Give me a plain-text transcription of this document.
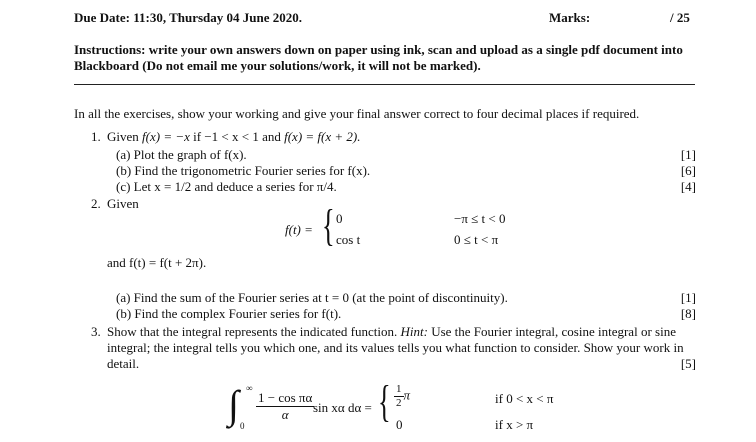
Due Date: 11:30, Thursday 04 June 2020.	Marks:	/ 25
Instructions: write your own answers down on paper using ink, scan and upload as a single pdf document into
Blackboard (Do not email me your solutions/work, it will not be marked).
In all the exercises, show your working and give your final answer correct to four decimal places if required.
1. Given f(x) = −x if −1 < x < 1 and f(x) = f(x + 2).
(a) Plot the graph of f(x).	[1]
(b) Find the trigonometric Fourier series for f(x).	[6]
(c) Let x = 1/2 and deduce a series for π/4.	[4]
2. Given
f(t) = { 0	−π ≤ t < 0
cos t	0 ≤ t < π
and f(t) = f(t + 2π).
(a) Find the sum of the Fourier series at t = 0 (at the point of discontinuity).	[1]
(b) Find the complex Fourier series for f(t).	[8]
3. Show that the integral represents the indicated function. Hint: Use the Fourier integral, cosine integral or sine
integral; the integral tells you which one, and its values tells you what function to consider. Show your work in
detail.	[5]
∫ ∞
0
$\frac{\text{1 − cos πα}}{\alpha}$
sin xα dα = { $\frac{1}{2}$ π	if 0 < x < π
0	if x > π
